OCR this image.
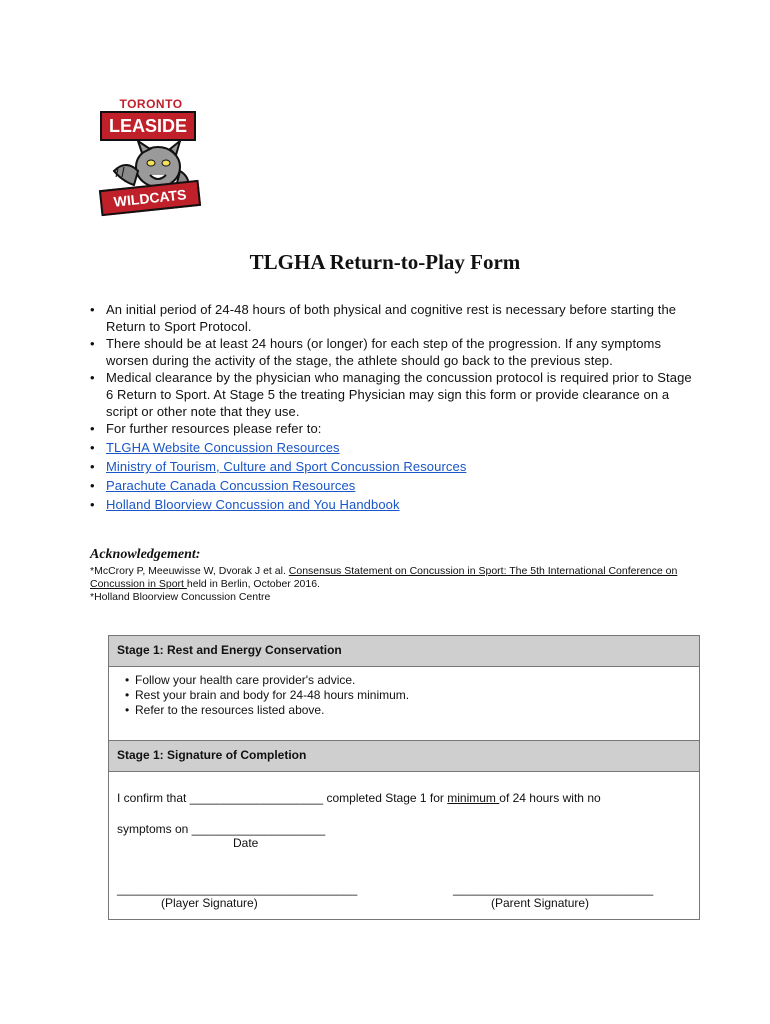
TORONTO
LEASIDE
WILDCATS
TLGHA Return-to-Play Form
• An initial period of 24-48 hours of both physical and cognitive rest is necessary before starting the Return to Sport Protocol.
• There should be at least 24 hours (or longer) for each step of the progression. If any symptoms worsen during the activity of the stage, the athlete should go back to the previous step.
• Medical clearance by the physician who managing the concussion protocol is required prior to Stage 6 Return to Sport. At Stage 5 the treating Physician may sign this form or provide clearance on a script or other note that they use.
• For further resources please refer to:
• TLGHA Website Concussion Resources
• Ministry of Tourism, Culture and Sport Concussion Resources
• Parachute Canada Concussion Resources
• Holland Bloorview Concussion and You Handbook
Acknowledgement:
*McCrory P, Meeuwisse W, Dvorak J et al. Consensus Statement on Concussion in Sport: The 5th International Conference on Concussion in Sport held in Berlin, October 2016.
*Holland Bloorview Concussion Centre
Stage 1: Rest and Energy Conservation
• Follow your health care provider's advice.
• Rest your brain and body for 24-48 hours minimum.
• Refer to the resources listed above.
Stage 1: Signature of Completion
I confirm that ____________________ completed Stage 1 for minimum of 24 hours with no
symptoms on ____________________
Date
____________________________________
(Player Signature)
______________________________
(Parent Signature)
